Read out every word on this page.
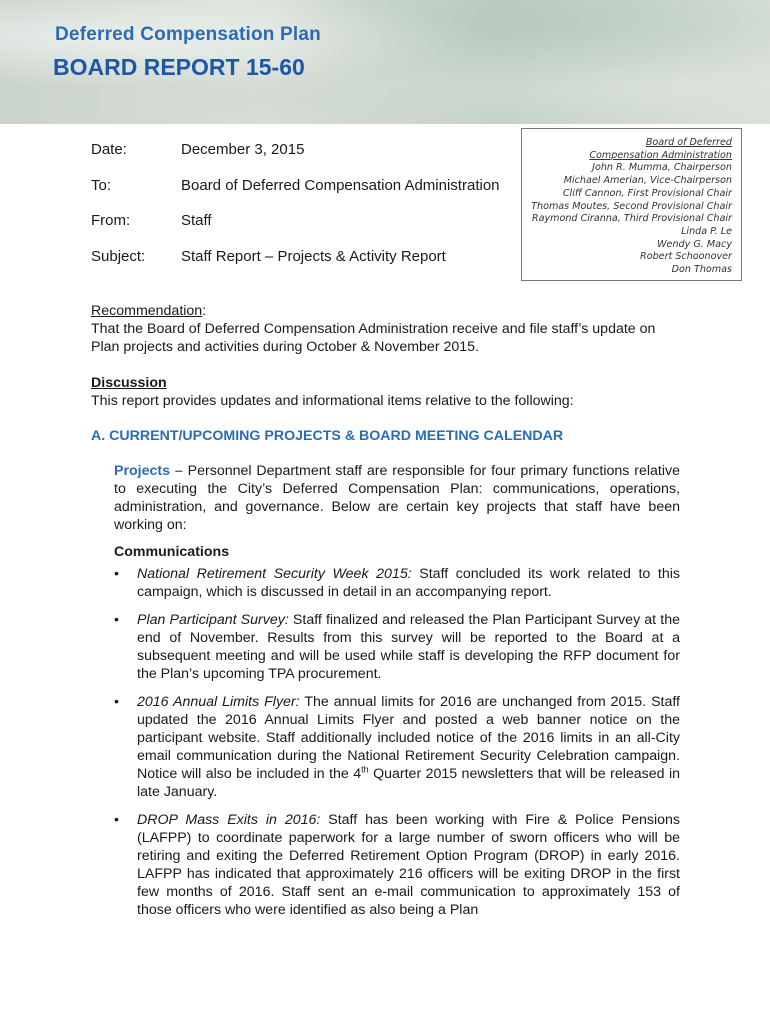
Deferred Compensation Plan
BOARD REPORT 15-60
Date:	December 3, 2015
To:	Board of Deferred Compensation Administration
From:	Staff
Subject: Staff Report – Projects & Activity Report
Board of Deferred
Compensation Administration
John R. Mumma, Chairperson
Michael Amerian, Vice-Chairperson
Cliff Cannon, First Provisional Chair
Thomas Moutes, Second Provisional Chair
Raymond Ciranna, Third Provisional Chair
Linda P. Le
Wendy G. Macy
Robert Schoonover
Don Thomas
Recommendation:
That the Board of Deferred Compensation Administration receive and file staff’s update on Plan projects and activities during October & November 2015.
Discussion
This report provides updates and informational items relative to the following:
A. CURRENT/UPCOMING PROJECTS & BOARD MEETING CALENDAR
Projects – Personnel Department staff are responsible for four primary functions relative to executing the City’s Deferred Compensation Plan: communications, operations, administration, and governance. Below are certain key projects that staff have been working on:
Communications
• National Retirement Security Week 2015: Staff concluded its work related to this campaign, which is discussed in detail in an accompanying report.
• Plan Participant Survey: Staff finalized and released the Plan Participant Survey at the end of November. Results from this survey will be reported to the Board at a subsequent meeting and will be used while staff is developing the RFP document for the Plan’s upcoming TPA procurement.
• 2016 Annual Limits Flyer: The annual limits for 2016 are unchanged from 2015. Staff updated the 2016 Annual Limits Flyer and posted a web banner notice on the participant website. Staff additionally included notice of the 2016 limits in an all-City email communication during the National Retirement Security Celebration campaign. Notice will also be included in the 4th Quarter 2015 newsletters that will be released in late January.
• DROP Mass Exits in 2016: Staff has been working with Fire & Police Pensions (LAFPP) to coordinate paperwork for a large number of sworn officers who will be retiring and exiting the Deferred Retirement Option Program (DROP) in early 2016. LAFPP has indicated that approximately 216 officers will be exiting DROP in the first few months of 2016. Staff sent an e-mail communication to approximately 153 of those officers who were identified as also being a Plan
